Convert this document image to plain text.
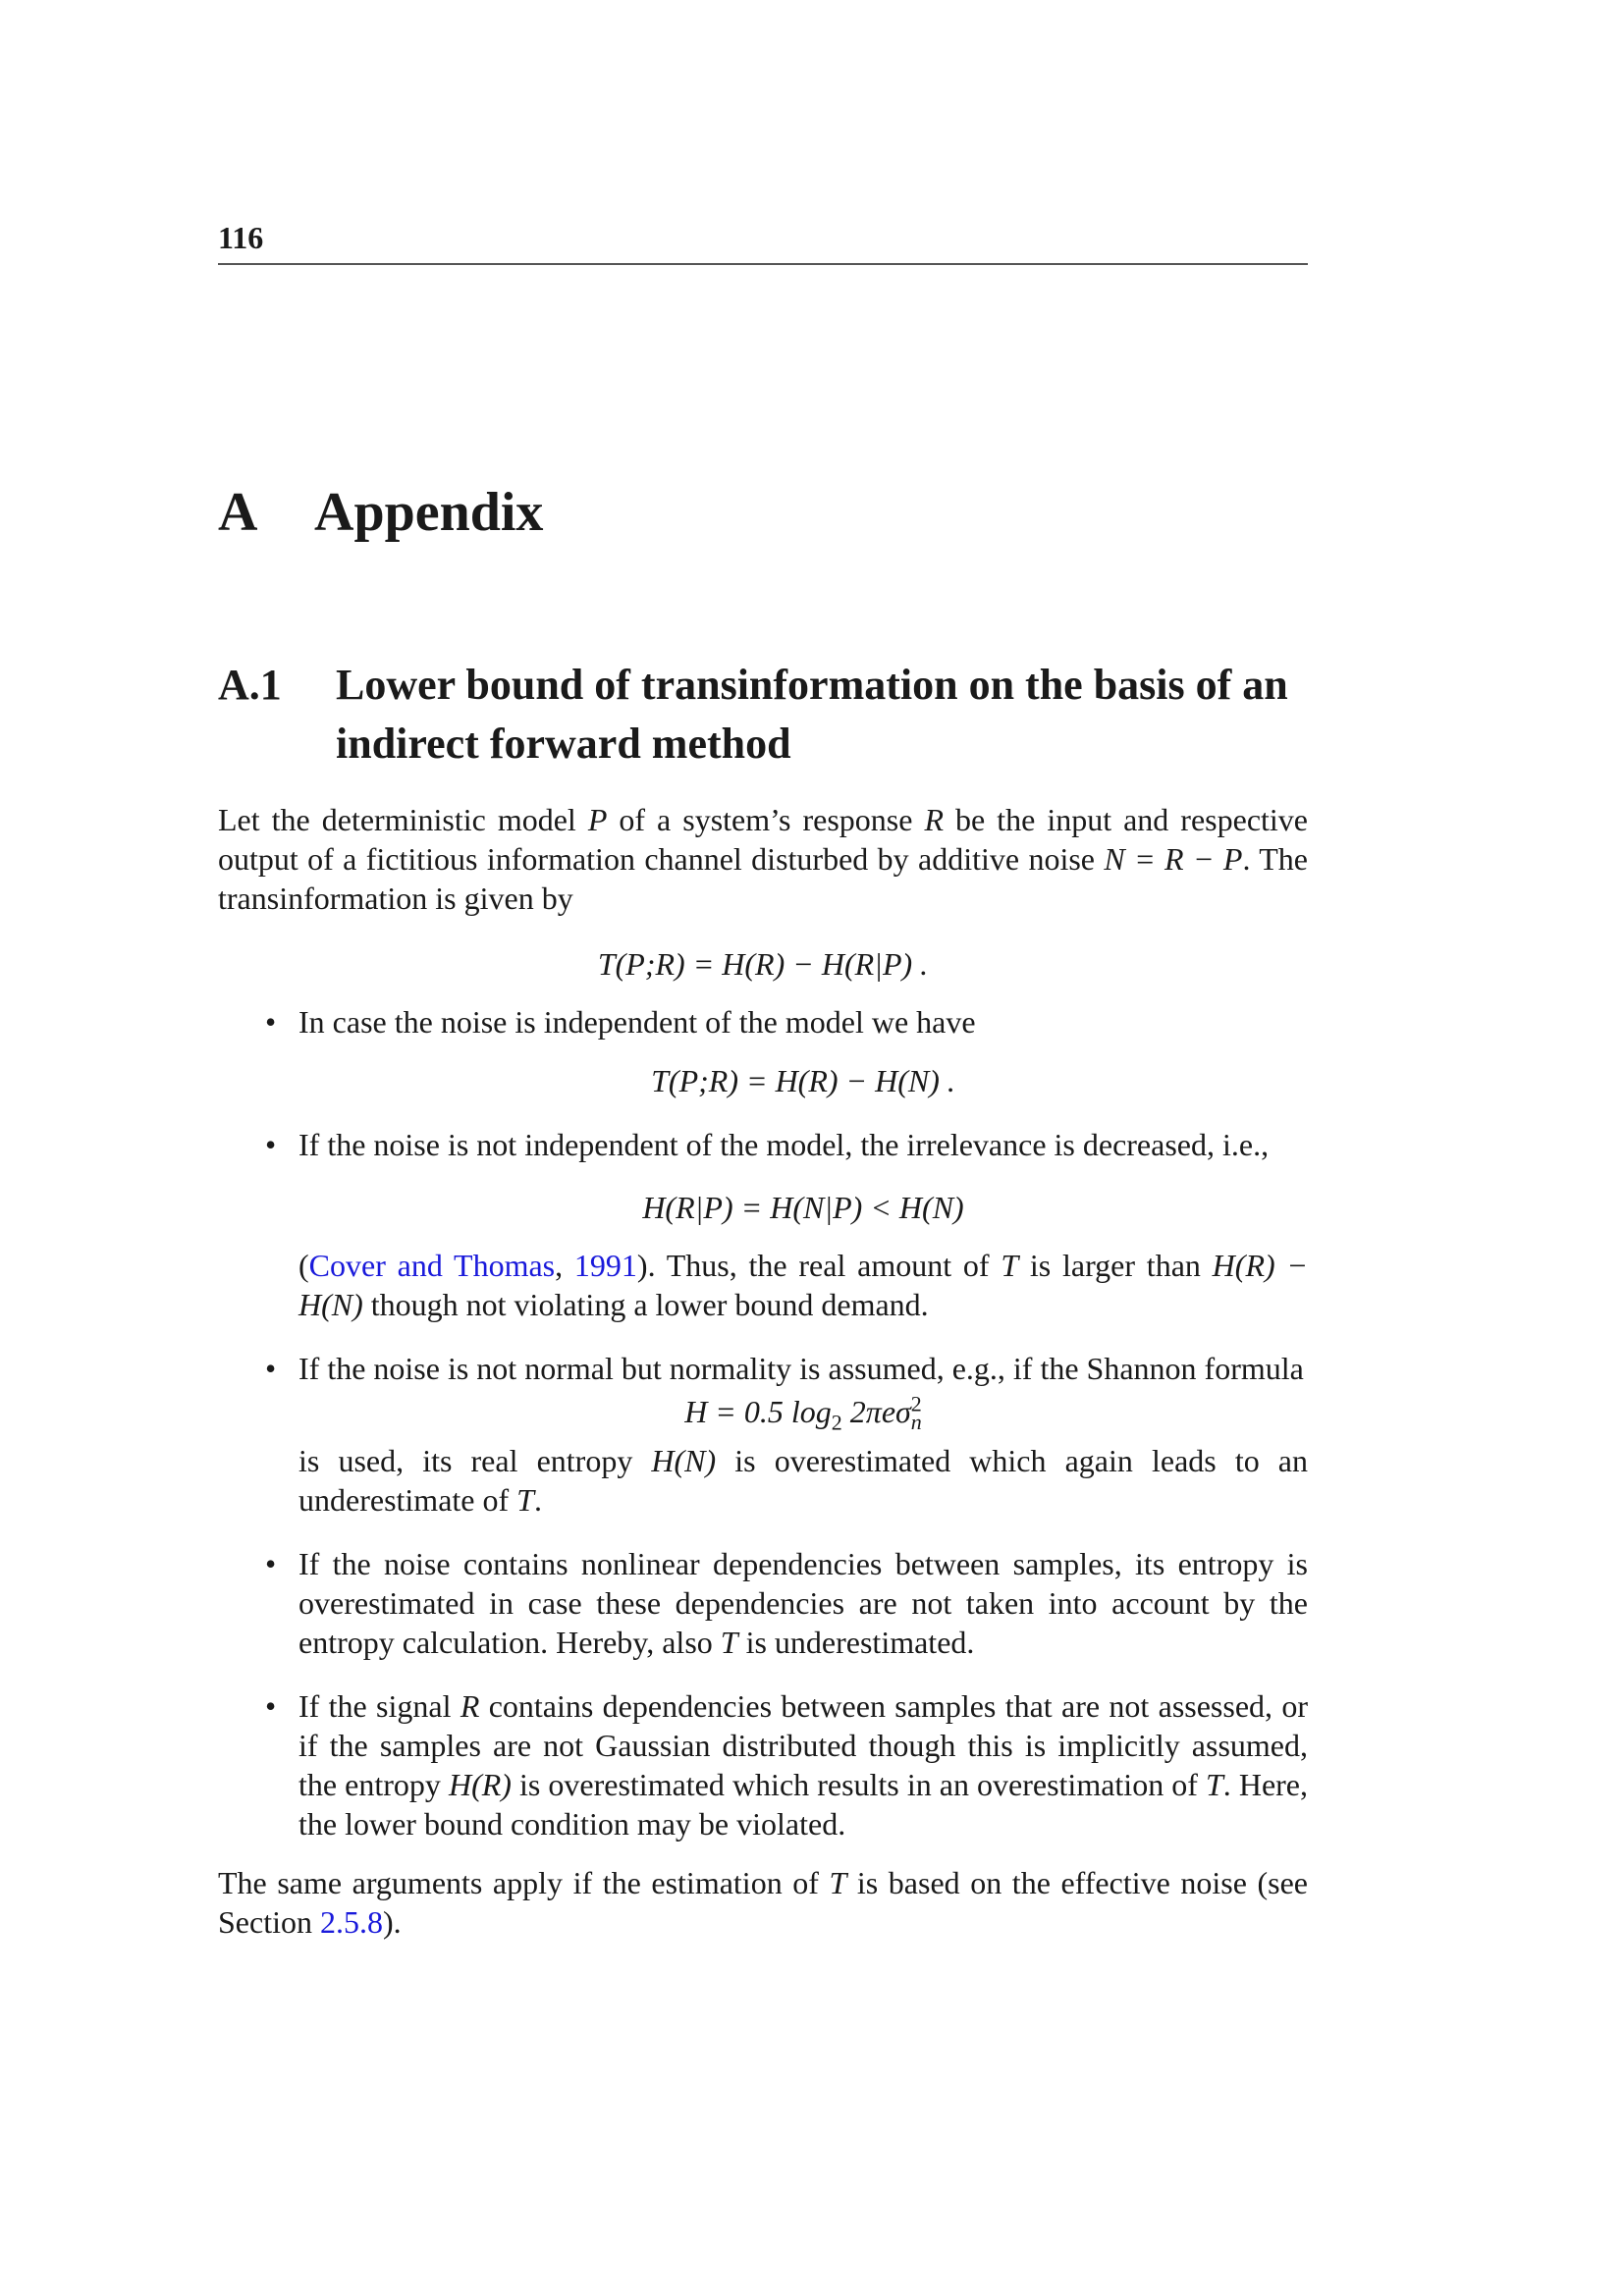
116
A Appendix
A.1 Lower bound of transinformation on the basis of an indirect forward method

Let the deterministic model P of a system’s response R be the input and respective output of a fictitious information channel disturbed by additive noise N = R − P. The transinformation is given by

T(P;R) = H(R) − H(R|P) .

• In case the noise is independent of the model we have

T(P;R) = H(R) − H(N) .

• If the noise is not independent of the model, the irrelevance is decreased, i.e.,

H(R|P) = H(N|P) < H(N)

(Cover and Thomas, 1991). Thus, the real amount of T is larger than H(R) − H(N) though not violating a lower bound demand.

• If the noise is not normal but normality is assumed, e.g., if the Shannon formula

H = 0.5 $\log_2 2\pi e\sigma^2_n$

is used, its real entropy H(N) is overestimated which again leads to an underestimate of T.

• If the noise contains nonlinear dependencies between samples, its entropy is overestimated in case these dependencies are not taken into account by the entropy calculation. Hereby, also T is underestimated.

• If the signal R contains dependencies between samples that are not assessed, or if the samples are not Gaussian distributed though this is implicitly assumed, the entropy H(R) is overestimated which results in an overestimation of T. Here, the lower bound condition may be violated.

The same arguments apply if the estimation of T is based on the effective noise (see Section 2.5.8).
